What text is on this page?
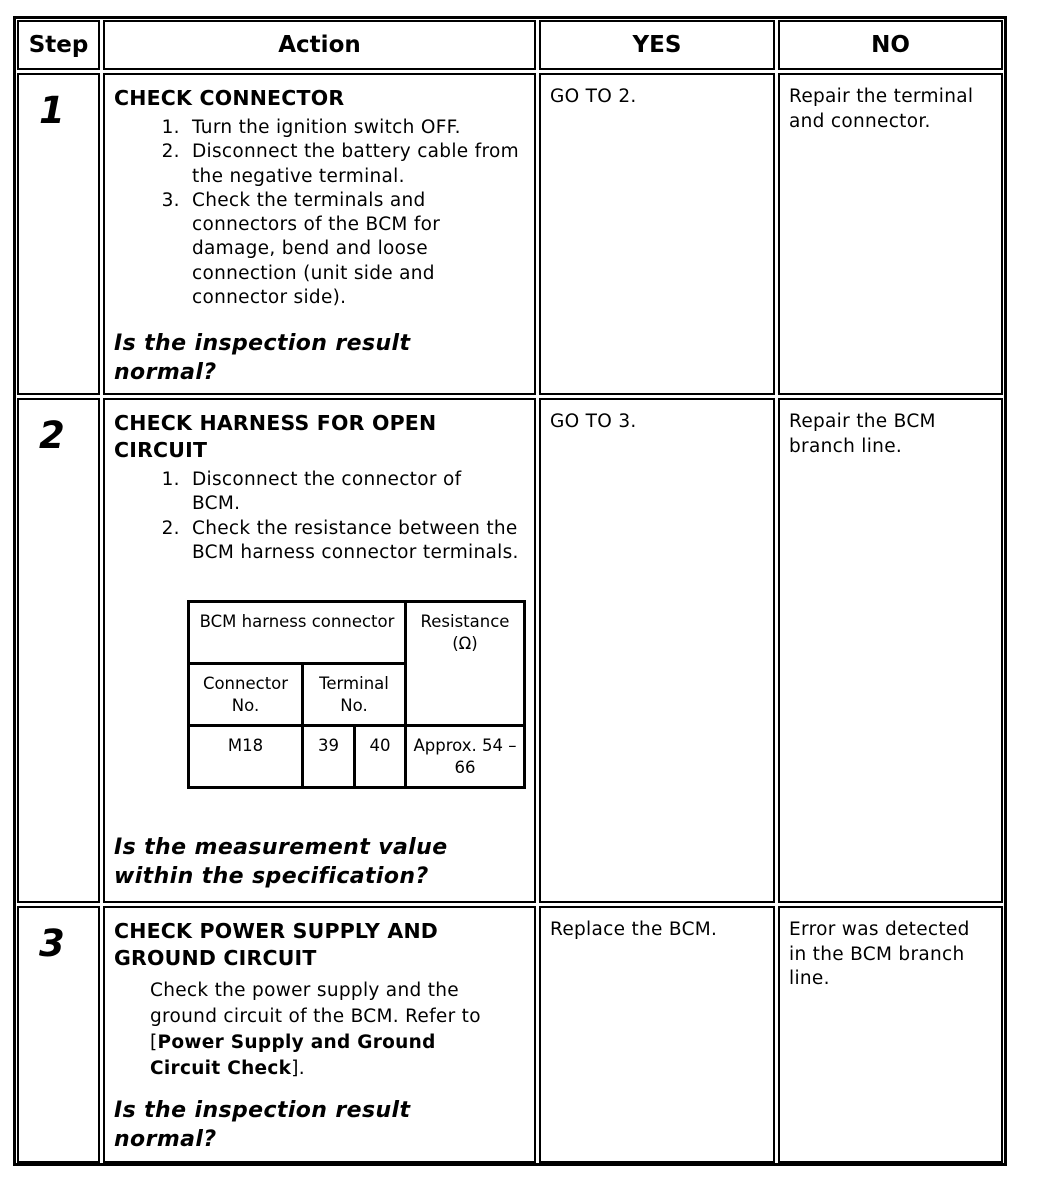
Step	Action	YES	NO
1	CHECK CONNECTOR
1. Turn the ignition switch OFF.
2. Disconnect the battery cable from the negative terminal.
3. Check the terminals and connectors of the BCM for damage, bend and loose connection (unit side and connector side).
Is the inspection result normal?
GO TO 2.	Repair the terminal and connector.
2	CHECK HARNESS FOR OPEN CIRCUIT
1. Disconnect the connector of BCM.
2. Check the resistance between the BCM harness connector terminals.
BCM harness connector			Resistance (Ω)
Connector No.	Terminal No.		
M18	39	40	Approx. 54 – 66
Is the measurement value within the specification?
GO TO 3.	Repair the BCM branch line.
3	CHECK POWER SUPPLY AND GROUND CIRCUIT
Check the power supply and the ground circuit of the BCM. Refer to [Power Supply and Ground Circuit Check].
Is the inspection result normal?
Replace the BCM.	Error was detected in the BCM branch line.
